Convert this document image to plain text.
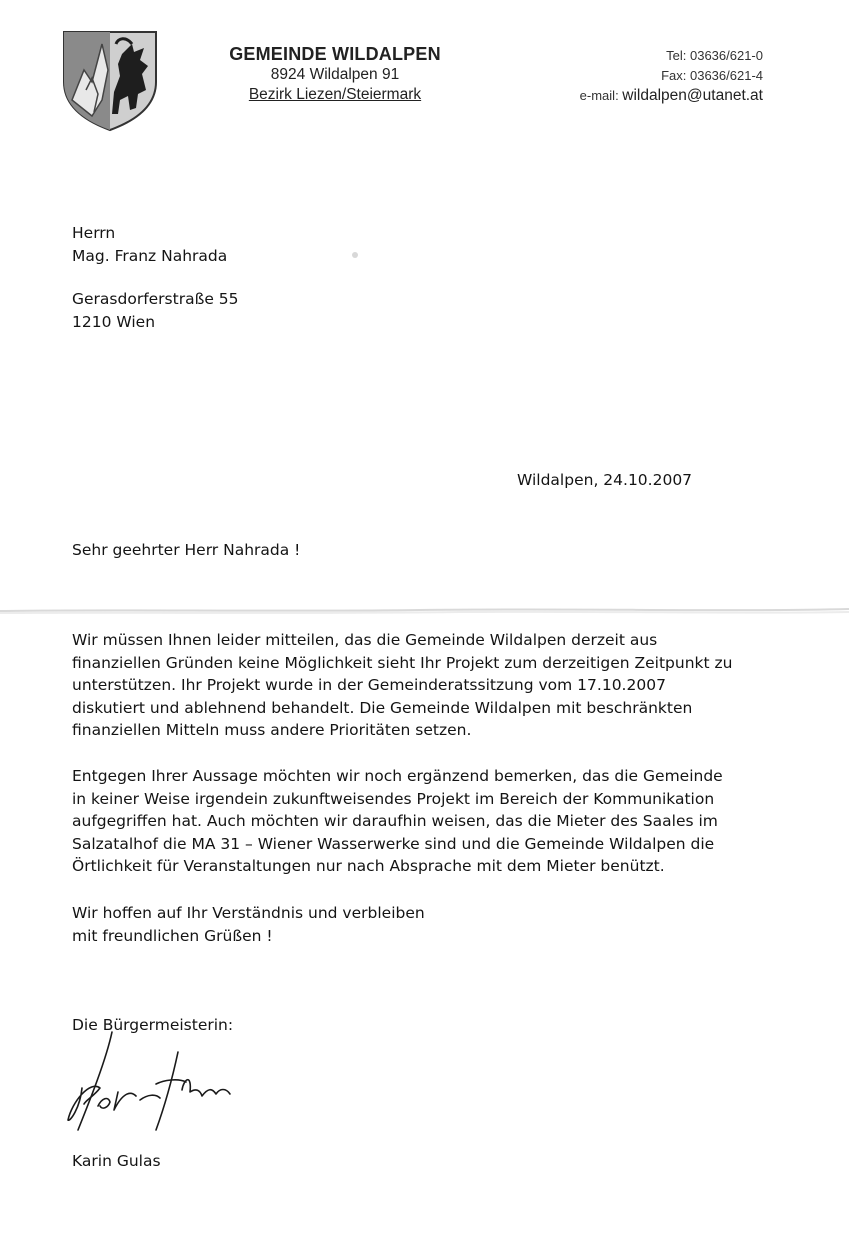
GEMEINDE WILDALPEN
8924 Wildalpen 91
Bezirk Liezen/Steiermark
Tel: 03636/621-0
Fax: 03636/621-4
e-mail: wildalpen@utanet.at
Herrn
Mag. Franz Nahrada
Gerasdorferstraße 55
1210 Wien
Wildalpen, 24.10.2007
Sehr geehrter Herr Nahrada !
Wir müssen Ihnen leider mitteilen, das die Gemeinde Wildalpen derzeit aus
finanziellen Gründen keine Möglichkeit sieht Ihr Projekt zum derzeitigen Zeitpunkt zu
unterstützen. Ihr Projekt wurde in der Gemeinderatssitzung vom 17.10.2007
diskutiert und ablehnend behandelt. Die Gemeinde Wildalpen mit beschränkten
finanziellen Mitteln muss andere Prioritäten setzen.
Entgegen Ihrer Aussage möchten wir noch ergänzend bemerken, das die Gemeinde
in keiner Weise irgendein zukunftweisendes Projekt im Bereich der Kommunikation
aufgegriffen hat. Auch möchten wir daraufhin weisen, das die Mieter des Saales im
Salzatalhof die MA 31 – Wiener Wasserwerke sind und die Gemeinde Wildalpen die
Örtlichkeit für Veranstaltungen nur nach Absprache mit dem Mieter benützt.
Wir hoffen auf Ihr Verständnis und verbleiben
mit freundlichen Grüßen !
Die Bürgermeisterin:
Karin Gulas
